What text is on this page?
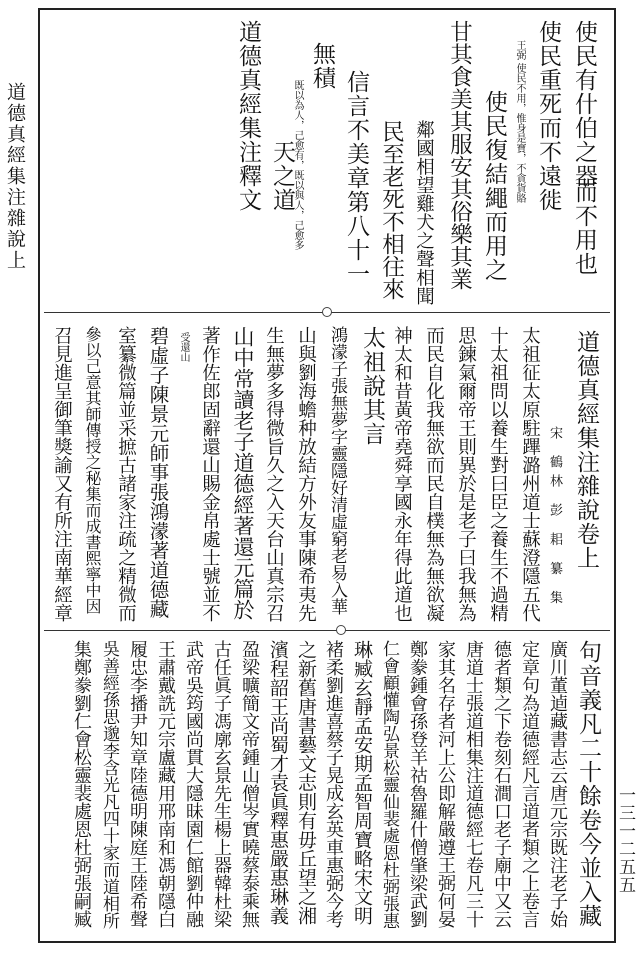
道德真經集注
雜說上
一三一二五五
使民有什伯之器
而不用也
使民重死而不遠徙
王弼 使民不用，惟身是寶，不貪貨賂
使民復結繩而用之
甘其食美其服安其俗樂其業
鄰國相望雞犬之聲相聞
民至老死不相往來
信言不美章第八十一
無積
既以為人，己愈有，既以與人，己愈多
天之道
道德真經集注釋文
道德真經集注雜說卷上
宋 鶴林 彭 耜 纂 集
太祖征太原駐蹕潞州道士蘇澄隱五代
十太祖問以養生對曰臣之養生不過精
思鍊氣爾帝王則異於是老子曰我無為
而民自化我無欲而民自樸無為無欲凝
神太和昔黃帝堯舜享國永年得此道也
太祖說其言
鴻濛子張無夢字靈隱好清虛窮老易入華
山與劉海蟾种放結方外友事陳希夷先
生無夢多得微旨久之入天台山真宗召
山中常讀老子道德經著還元篇於
著作佐郎固辭還山賜金帛處士號並不
受還山
碧虛子陳景元師事張鴻濛著道德藏
室纂微篇並采摭古諸家注疏之精微而
參以己意其師傳授之秘集而成書熙寧中因
召見進呈御筆獎諭又有所注南華經章
句音義凡二十餘卷今並入藏
廣川董逌藏書志云唐元宗既注老子始
定章句為道德經凡言道者類之上卷言
德者類之下卷刻石澗口老子廟中又云
唐道士張道相集注道德經七卷凡三十
家其名存者河上公即解嚴遵王弼何晏
鄭豢鍾會孫登羊祜魯羅什僧肇梁武劉
仁會顧懽陶弘景松靈仙裴處恩杜弼張惠
琳臧玄靜孟安期孟智周寶略宋文明
褚柔劉進喜蔡子晃成玄英車惠弼今考
之新舊唐書藝文志則有毋丘望之湘
濱程韶王尚蜀才袁眞釋惠嚴惠琳義
盈梁曠簡文帝鍾山僧岑實曉蔡泰乘無
古任眞子馮廓玄景先生楊上器韓杜梁
武帝吳筠國尚貫大隱昧園仁館劉仲融
王肅戴詵元宗盧藏用邢南和馮朝隱白
履忠李播尹知章陸德明陳庭王陸希聲
吳善經孫思邈李含光凡四十家而道相所
集鄭豢劉仁會松靈裴處恩杜弼張嗣臧
